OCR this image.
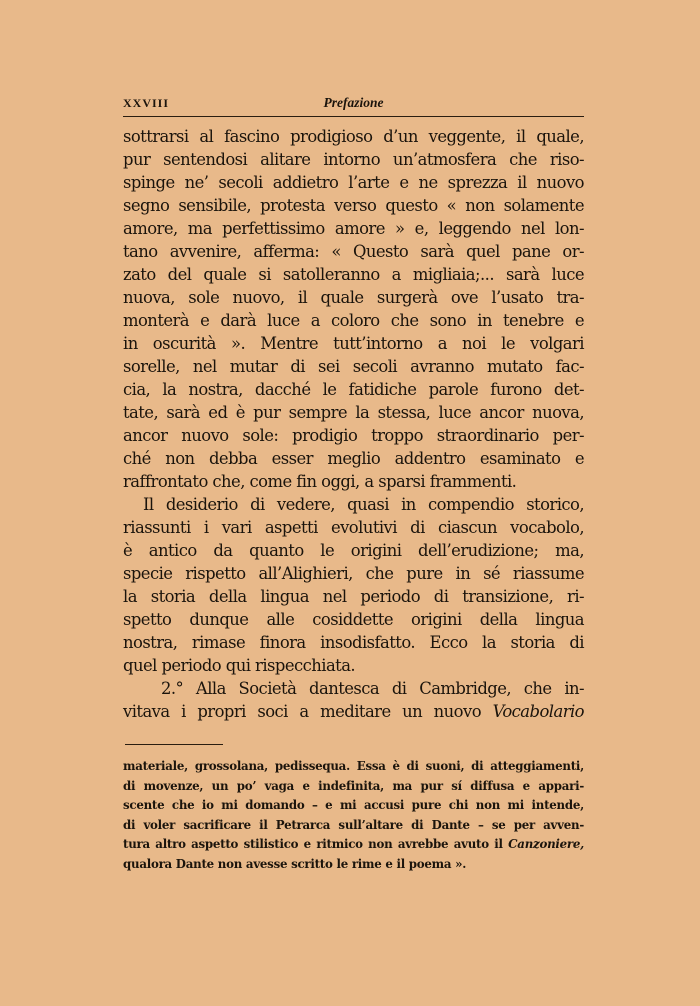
XXVIII	Prefazione
sottrarsi al fascino prodigioso d’un veggente, il quale,
pur sentendosi alitare intorno un’atmosfera che riso-
spinge ne’ secoli addietro l’arte e ne sprezza il nuovo
segno sensibile, protesta verso questo « non solamente
amore, ma perfettissimo amore » e, leggendo nel lon-
tano avvenire, afferma: « Questo sarà quel pane or-
zato del quale si satolleranno a migliaia;... sarà luce
nuova, sole nuovo, il quale surgerà ove l’usato tra-
monterà e darà luce a coloro che sono in tenebre e
in oscurità ». Mentre tutt’intorno a noi le volgari
sorelle, nel mutar di sei secoli avranno mutato fac-
cia, la nostra, dacché le fatidiche parole furono det-
tate, sarà ed è pur sempre la stessa, luce ancor nuova,
ancor nuovo sole: prodigio troppo straordinario per-
ché non debba esser meglio addentro esaminato e
raffrontato che, come fin oggi, a sparsi frammenti.
Il desiderio di vedere, quasi in compendio storico,
riassunti i vari aspetti evolutivi di ciascun vocabolo,
è antico da quanto le origini dell’erudizione; ma,
specie rispetto all’Alighieri, che pure in sé riassume
la storia della lingua nel periodo di transizione, ri-
spetto dunque alle cosiddette origini della lingua
nostra, rimase finora insodisfatto. Ecco la storia di
quel periodo qui rispecchiata.
2.° Alla Società dantesca di Cambridge, che in-
vitava i propri soci a meditare un nuovo Vocabolario
materiale, grossolana, pedissequa. Essa è di suoni, di atteggiamenti,
di movenze, un po’ vaga e indefinita, ma pur sí diffusa e appari-
scente che io mi domando – e mi accusi pure chi non mi intende,
di voler sacrificare il Petrarca sull’altare di Dante – se per avven-
tura altro aspetto stilistico e ritmico non avrebbe avuto il Canzoniere,
qualora Dante non avesse scritto le rime e il poema ».
